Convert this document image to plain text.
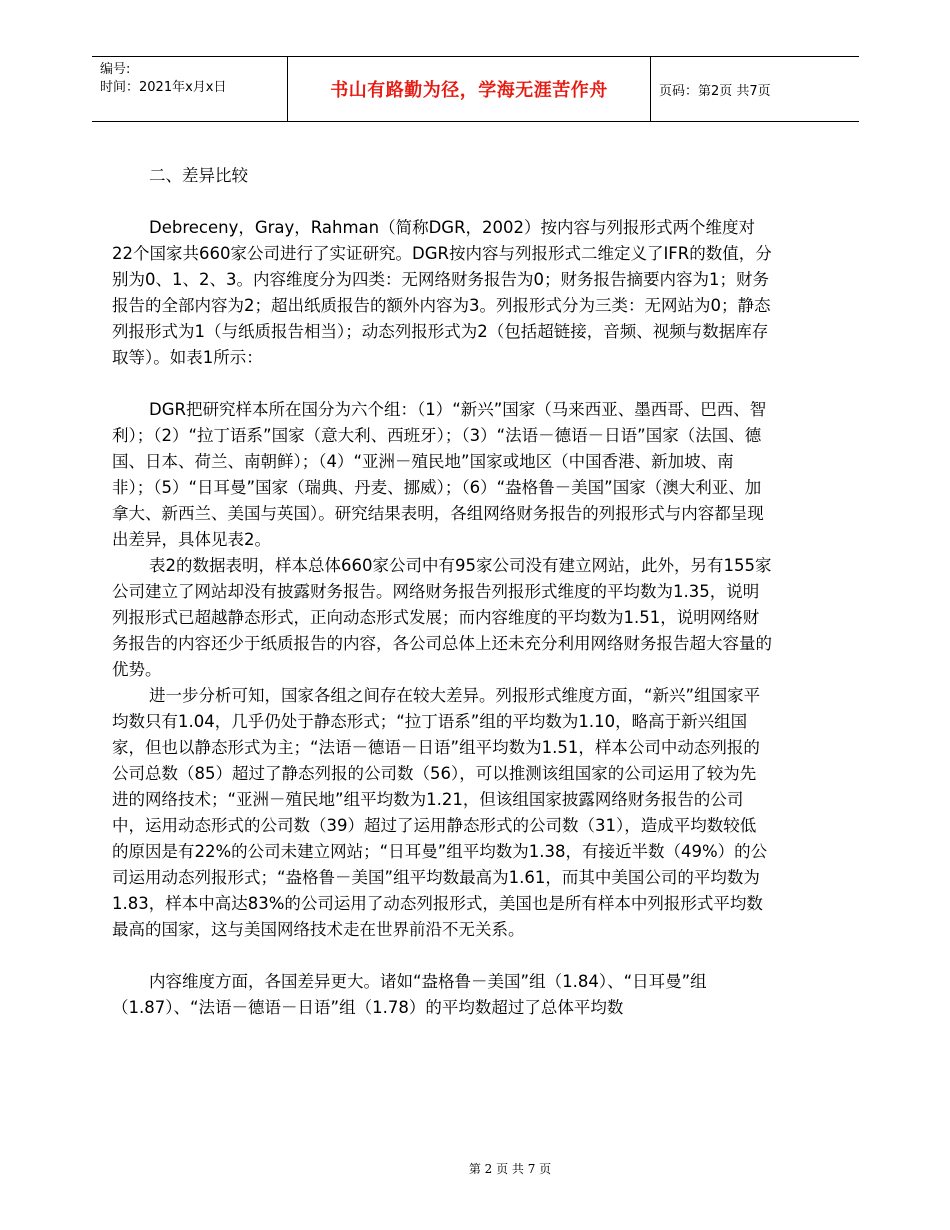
编号:
时间：2021年x月x日	书山有路勤为径，学海无涯苦作舟	页码：第2页 共7页

二、差异比较

Debreceny，Gray，Rahman（简称DGR，2002）按内容与列报形式两个维度对22个国家共660家公司进行了实证研究。DGR按内容与列报形式二维定义了IFR的数值，分别为0、1、2、3。内容维度分为四类：无网络财务报告为0；财务报告摘要内容为1；财务报告的全部内容为2；超出纸质报告的额外内容为3。列报形式分为三类：无网站为0；静态列报形式为1（与纸质报告相当）；动态列报形式为2（包括超链接，音频、视频与数据库存取等）。如表1所示：

DGR把研究样本所在国分为六个组：（1）“新兴”国家（马来西亚、墨西哥、巴西、智利）；（2）“拉丁语系”国家（意大利、西班牙）；（3）“法语－德语－日语”国家（法国、德国、日本、荷兰、南朝鲜）；（4）“亚洲－殖民地”国家或地区（中国香港、新加坡、南非）；（5）“日耳曼”国家（瑞典、丹麦、挪威）；（6）“盎格鲁－美国”国家（澳大利亚、加拿大、新西兰、美国与英国）。研究结果表明，各组网络财务报告的列报形式与内容都呈现出差异，具体见表2。

表2的数据表明，样本总体660家公司中有95家公司没有建立网站，此外，另有155家公司建立了网站却没有披露财务报告。网络财务报告列报形式维度的平均数为1.35，说明列报形式已超越静态形式，正向动态形式发展；而内容维度的平均数为1.51，说明网络财务报告的内容还少于纸质报告的内容，各公司总体上还未充分利用网络财务报告超大容量的优势。

进一步分析可知，国家各组之间存在较大差异。列报形式维度方面，“新兴”组国家平均数只有1.04，几乎仍处于静态形式；“拉丁语系”组的平均数为1.10，略高于新兴组国家，但也以静态形式为主；“法语－德语－日语”组平均数为1.51，样本公司中动态列报的公司总数（85）超过了静态列报的公司数（56），可以推测该组国家的公司运用了较为先进的网络技术；“亚洲－殖民地”组平均数为1.21，但该组国家披露网络财务报告的公司中，运用动态形式的公司数（39）超过了运用静态形式的公司数（31），造成平均数较低的原因是有22%的公司未建立网站；“日耳曼”组平均数为1.38，有接近半数（49%）的公司运用动态列报形式；“盎格鲁－美国”组平均数最高为1.61，而其中美国公司的平均数为1.83，样本中高达83%的公司运用了动态列报形式，美国也是所有样本中列报形式平均数最高的国家，这与美国网络技术走在世界前沿不无关系。

内容维度方面，各国差异更大。诸如“盎格鲁－美国”组（1.84）、“日耳曼”组（1.87）、“法语－德语－日语”组（1.78）的平均数超过了总体平均数

第 2 页 共 7 页
